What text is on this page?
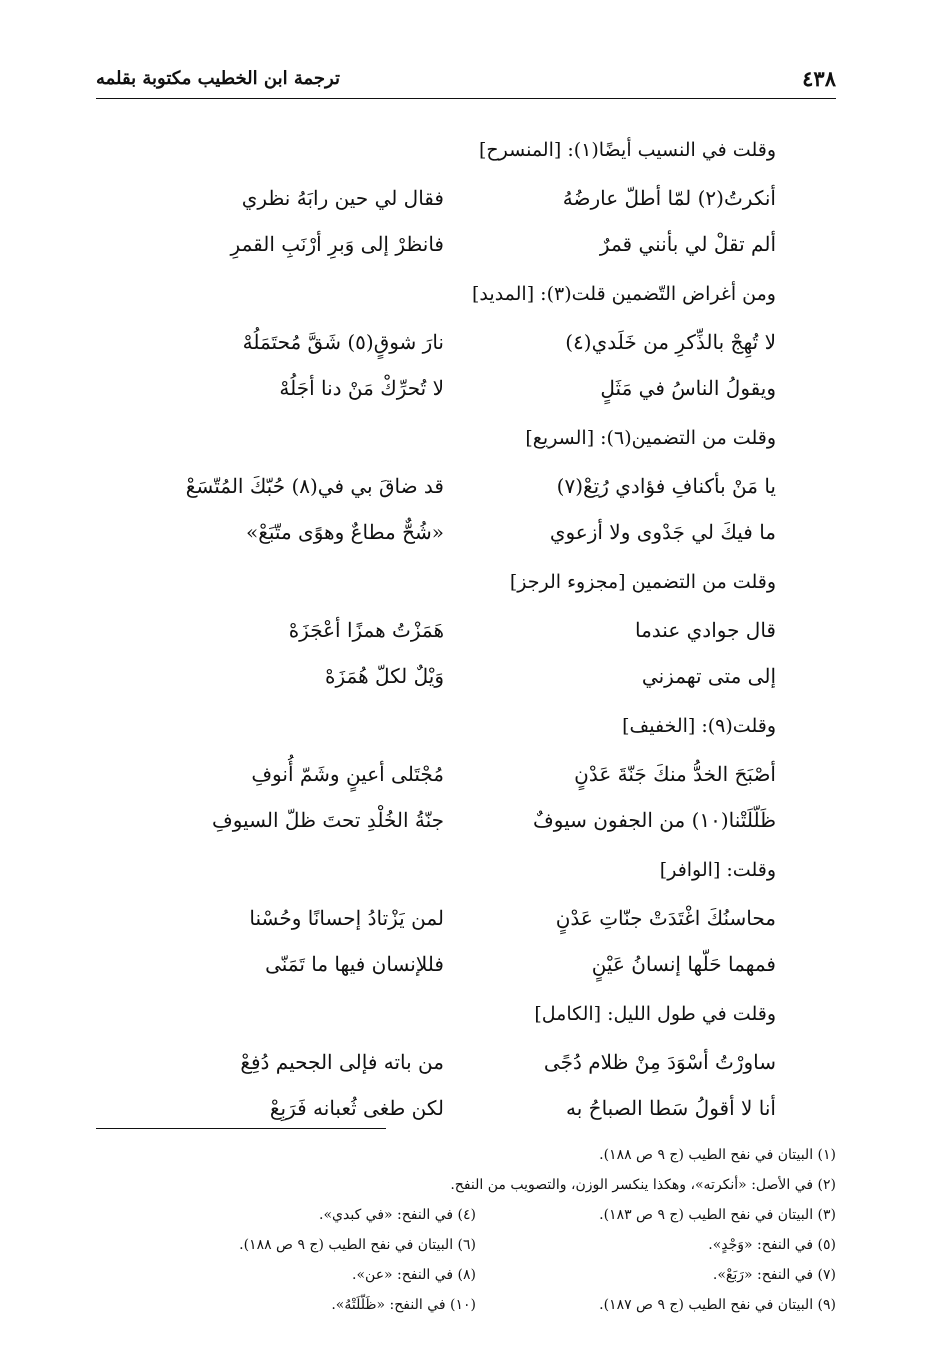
٤٣٨
ترجمة ابن الخطيب مكتوبة بقلمه
وقلت في النسيب أيضًا(١): [المنسرح]
أنكرتُ(٢) لمّا أطلّ عارضُهُ
فقال لي حين رابَهُ نظري
ألم تقلْ لي بأنني قمرٌ
فانظرْ إلى وَبرِ أرْنَبِ القمرِ
ومن أغراض التّضمين قلت(٣): [المديد]
لا تُهِجْ بالذِّكرِ من خَلَدي(٤)
نارَ شوقٍ(٥) شَقَّ مُحتَمَلُهْ
ويقولُ الناسُ في مَثَلٍ
لا تُحرِّكْ مَنْ دنا أجَلُهْ
وقلت من التضمين(٦): [السريع]
يا مَنْ بأكنافِ فؤادي رُتِعْ(٧)
قد ضاقَ بي في(٨) حُبّكَ المُتّسَعْ
ما فيكَ لي جَدْوى ولا أزعوي
«شُحٌّ مطاعٌ وهوًى متّبَعْ»
وقلت من التضمين [مجزوء الرجز]
قال جوادي عندما
هَمَزْتُ همزًا أعْجَزَهْ
إلى متى تهمزني
وَيْلٌ لكلّ هُمَزَهْ
وقلت(٩): [الخفيف]
أصْبَحَ الخدُّ منكَ جَنّةَ عَدْنٍ
مُجْتَلى أعينٍ وشَمّ أُنوفِ
ظَلّلَتْنا(١٠) من الجفون سيوفٌ
جنّةُ الخُلْدِ تحتَ ظلّ السيوفِ
وقلت: [الوافر]
محاسنُكَ اغْتَدَتْ جنّاتِ عَدْنٍ
لمن يَزْتادُ إحسانًا وحُسْنا
فمهما حَلّها إنسانُ عَيْنٍ
فللإنسان فيها ما تَمَنّى
وقلت في طول الليل: [الكامل]
ساورْتُ أسْوَدَ مِنْ ظلام دُجًى
من باته فإلى الجحيم دُفِعْ
أنا لا أقولُ سَطا الصباحُ به
لكن طغى ثُعبانه فَرَبِعْ
(١) البيتان في نفح الطيب (ج ٩ ص ١٨٨).
(٢) في الأصل: «أنكرته»، وهكذا ينكسر الوزن، والتصويب من النفح.
(٣) البيتان في نفح الطيب (ج ٩ ص ١٨٣).
(٤) في النفح: «في كبدي».
(٥) في النفح: «وَجْدٍ».
(٦) البيتان في نفح الطيب (ج ٩ ص ١٨٨).
(٧) في النفح: «رَبَعْ».
(٨) في النفح: «عن».
(٩) البيتان في نفح الطيب (ج ٩ ص ١٨٧).
(١٠) في النفح: «ظَلّلَتْهُ».
